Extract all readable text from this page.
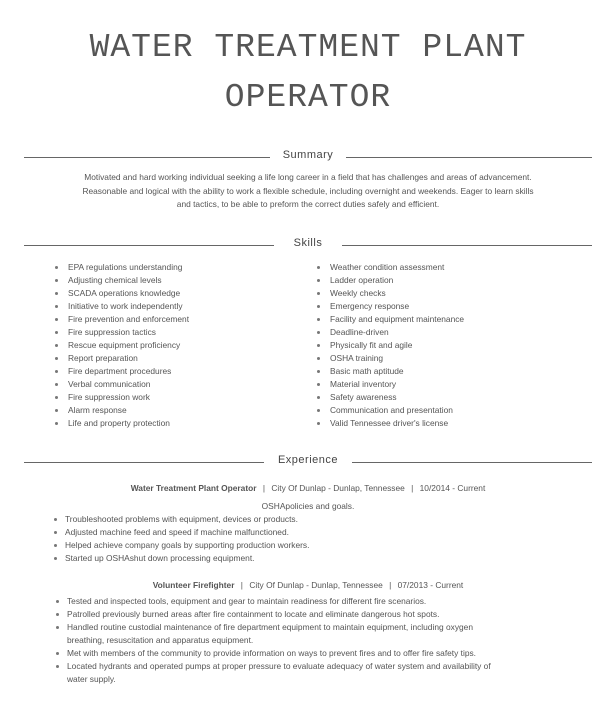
WATER TREATMENT PLANT
OPERATOR
Summary
Motivated and hard working individual seeking a life long career in a field that has challenges and areas of advancement.
Reasonable and logical with the ability to work a flexible schedule, including overnight and weekends. Eager to learn skills
and tactics, to be able to preform the correct duties safely and efficient.
Skills
EPA regulations understanding
Adjusting chemical levels
SCADA operations knowledge
Initiative to work independently
Fire prevention and enforcement
Fire suppression tactics
Rescue equipment proficiency
Report preparation
Fire department procedures
Verbal communication
Fire suppression work
Alarm response
Life and property protection
Weather condition assessment
Ladder operation
Weekly checks
Emergency response
Facility and equipment maintenance
Deadline-driven
Physically fit and agile
OSHA training
Basic math aptitude
Material inventory
Safety awareness
Communication and presentation
Valid Tennessee driver's license
Experience
Water Treatment Plant Operator | City Of Dunlap - Dunlap, Tennessee | 10/2014 - Current
OSHApolicies and goals.
Troubleshooted problems with equipment, devices or products.
Adjusted machine feed and speed if machine malfunctioned.
Helped achieve company goals by supporting production workers.
Started up OSHAshut down processing equipment.
Volunteer Firefighter | City Of Dunlap - Dunlap, Tennessee | 07/2013 - Current
Tested and inspected tools, equipment and gear to maintain readiness for different fire scenarios.
Patrolled previously burned areas after fire containment to locate and eliminate dangerous hot spots.
Handled routine custodial maintenance of fire department equipment to maintain equipment, including oxygen
breathing, resuscitation and apparatus equipment.
Met with members of the community to provide information on ways to prevent fires and to offer fire safety tips.
Located hydrants and operated pumps at proper pressure to evaluate adequacy of water system and availability of
water supply.
